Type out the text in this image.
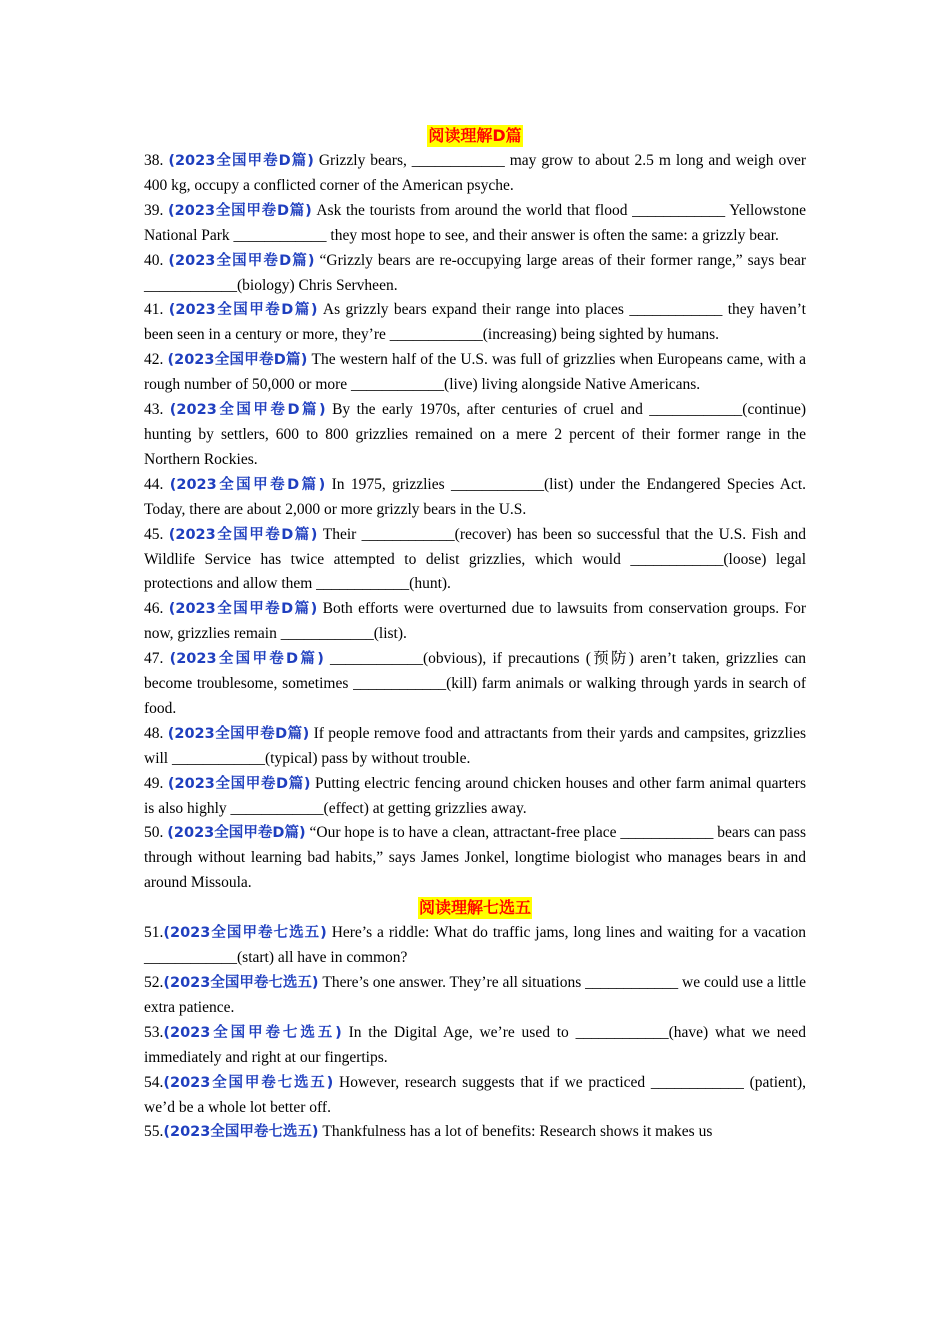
阅读理解D篇

38. (2023全国甲卷D篇) Grizzly bears, ____________ may grow to about 2.5 m long and weigh over 400 kg, occupy a conflicted corner of the American psyche.

39. (2023全国甲卷D篇) Ask the tourists from around the world that flood ____________ Yellowstone National Park ____________ they most hope to see, and their answer is often the same: a grizzly bear.

40. (2023全国甲卷D篇) “Grizzly bears are re-occupying large areas of their former range,” says bear ____________(biology) Chris Servheen.

41. (2023全国甲卷D篇) As grizzly bears expand their range into places ____________ they haven’t been seen in a century or more, they’re ____________(increasing) being sighted by humans.

42. (2023全国甲卷D篇) The western half of the U.S. was full of grizzlies when Europeans came, with a rough number of 50,000 or more ____________(live) living alongside Native Americans.

43. (2023全国甲卷D篇) By the early 1970s, after centuries of cruel and ____________(continue) hunting by settlers, 600 to 800 grizzlies remained on a mere 2 percent of their former range in the Northern Rockies.

44. (2023全国甲卷D篇) In 1975, grizzlies ____________(list) under the Endangered Species Act. Today, there are about 2,000 or more grizzly bears in the U.S.

45. (2023全国甲卷D篇) Their ____________(recover) has been so successful that the U.S. Fish and Wildlife Service has twice attempted to delist grizzlies, which would ____________(loose) legal protections and allow them ____________(hunt).

46. (2023全国甲卷D篇) Both efforts were overturned due to lawsuits from conservation groups. For now, grizzlies remain ____________(list).

47. (2023全国甲卷D篇) ____________(obvious), if precautions (预防) aren’t taken, grizzlies can become troublesome, sometimes ____________(kill) farm animals or walking through yards in search of food.

48. (2023全国甲卷D篇) If people remove food and attractants from their yards and campsites, grizzlies will ____________(typical) pass by without trouble.

49. (2023全国甲卷D篇) Putting electric fencing around chicken houses and other farm animal quarters is also highly ____________(effect) at getting grizzlies away.

50. (2023全国甲卷D篇) “Our hope is to have a clean, attractant-free place ____________ bears can pass through without learning bad habits,” says James Jonkel, longtime biologist who manages bears in and around Missoula.

阅读理解七选五

51.(2023全国甲卷七选五) Here’s a riddle: What do traffic jams, long lines and waiting for a vacation ____________(start) all have in common?

52.(2023全国甲卷七选五) There’s one answer. They’re all situations ____________ we could use a little extra patience.

53.(2023全国甲卷七选五) In the Digital Age, we’re used to ____________(have) what we need immediately and right at our fingertips.

54.(2023全国甲卷七选五) However, research suggests that if we practiced ____________ (patient), we’d be a whole lot better off.

55.(2023全国甲卷七选五) Thankfulness has a lot of benefits: Research shows it makes us
